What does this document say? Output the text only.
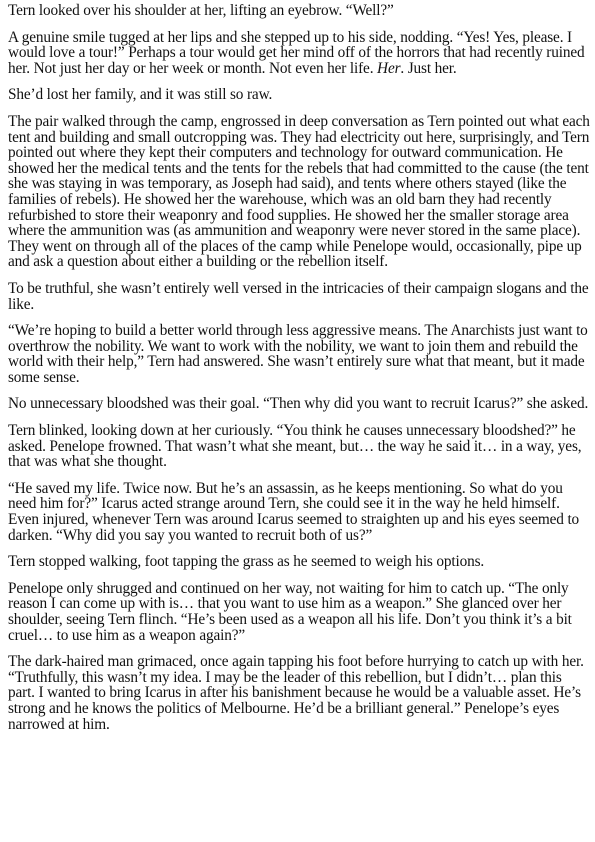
Tern looked over his shoulder at her, lifting an eyebrow. “Well?”

A genuine smile tugged at her lips and she stepped up to his side, nodding. “Yes! Yes, please. I would love a tour!” Perhaps a tour would get her mind off of the horrors that had recently ruined her. Not just her day or her week or month. Not even her life. Her. Just her.

She’d lost her family, and it was still so raw.

The pair walked through the camp, engrossed in deep conversation as Tern pointed out what each tent and building and small outcropping was. They had electricity out here, surprisingly, and Tern pointed out where they kept their computers and technology for outward communication. He showed her the medical tents and the tents for the rebels that had committed to the cause (the tent she was staying in was temporary, as Joseph had said), and tents where others stayed (like the families of rebels). He showed her the warehouse, which was an old barn they had recently refurbished to store their weaponry and food supplies. He showed her the smaller storage area where the ammunition was (as ammunition and weaponry were never stored in the same place). They went on through all of the places of the camp while Penelope would, occasionally, pipe up and ask a question about either a building or the rebellion itself.

To be truthful, she wasn’t entirely well versed in the intricacies of their campaign slogans and the like.

“We’re hoping to build a better world through less aggressive means. The Anarchists just want to overthrow the nobility. We want to work with the nobility, we want to join them and rebuild the world with their help,” Tern had answered. She wasn’t entirely sure what that meant, but it made some sense.

No unnecessary bloodshed was their goal. “Then why did you want to recruit Icarus?” she asked.

Tern blinked, looking down at her curiously. “You think he causes unnecessary bloodshed?” he asked. Penelope frowned. That wasn’t what she meant, but… the way he said it… in a way, yes, that was what she thought.

“He saved my life. Twice now. But he’s an assassin, as he keeps mentioning. So what do you need him for?” Icarus acted strange around Tern, she could see it in the way he held himself. Even injured, whenever Tern was around Icarus seemed to straighten up and his eyes seemed to darken. “Why did you say you wanted to recruit both of us?”

Tern stopped walking, foot tapping the grass as he seemed to weigh his options.

Penelope only shrugged and continued on her way, not waiting for him to catch up. “The only reason I can come up with is… that you want to use him as a weapon.” She glanced over her shoulder, seeing Tern flinch. “He’s been used as a weapon all his life. Don’t you think it’s a bit cruel… to use him as a weapon again?”

The dark-haired man grimaced, once again tapping his foot before hurrying to catch up with her. “Truthfully, this wasn’t my idea. I may be the leader of this rebellion, but I didn’t… plan this part. I wanted to bring Icarus in after his banishment because he would be a valuable asset. He’s strong and he knows the politics of Melbourne. He’d be a brilliant general.” Penelope’s eyes narrowed at him.
